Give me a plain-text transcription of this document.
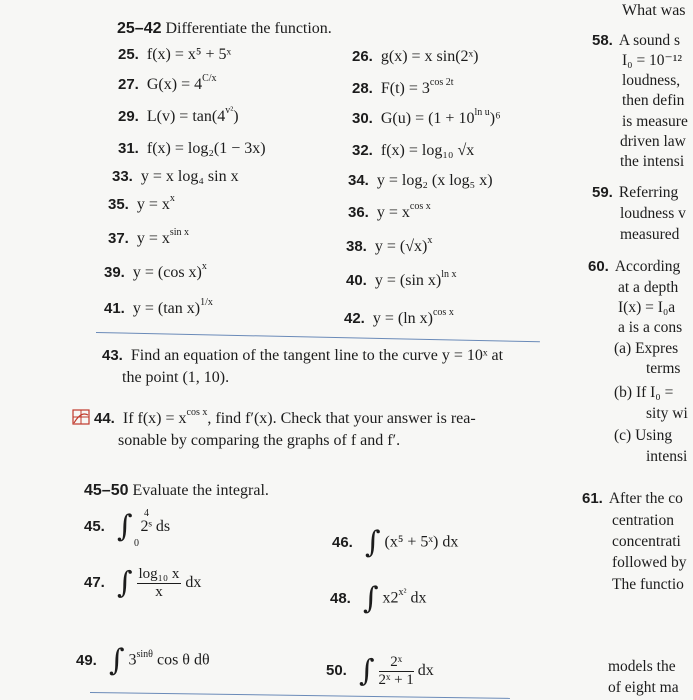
What was
25–42 Differentiate the function.
25. f(x) = x⁵ + 5ˣ	26. g(x) = x sin(2ˣ)
27. $G(x) = 4^{C/x}$
28. $F(t) = 3^{cos 2t}$
29. $L(v) = \tan(4^{v^2})$	30. $G(u) = (1 + 10^{ln u})^6$
31. f(x) = log₂(1 − 3x)	32. f(x) = log₁₀ √x
33. y = x log₄ sin x	34. y = log₂ (x log₅ x)
35. $y = x^x$
36. $y = x^{cos x}$
37. $y = x^{sin x}$
38. $y = (√x)^x$
39. y = (cos x)$^x$
40. y = (sin x)$^{ln x}$
41. y = (tan x)$^{1/x}$
42. y = (ln x)$^{cos x}$
43. Find an equation of the tangent line to the curve y = 10ˣ at
the point (1, 10).
44. If $f(x) = x^{cos x}$, find f′(x). Check that your answer is rea-
sonable by comparing the graphs of f and f′.
45–50 Evaluate the integral.
45. ∫ 4
0
2ˢ ds
46. ∫ (x⁵ + 5ˣ) dx
47. ∫ $\frac{\text{log₁₀ x}}{x}$ dx
48. ∫ $x2^{x^2}$ dx
49. ∫ $3^{sin\theta}$ cos θ dθ
50. ∫ $\frac{\text{2ˣ}}{\text{2ˣ + 1}}$ dx
58. A sound s
I₀ = 10⁻¹²
loudness,
then defin
is measure
driven law
the intensi
59. Referring
loudness v
measured
60. According
at a depth
I(x) = I₀a
a is a cons
(a) Expres
terms
(b) If I₀ =
sity wi
(c) Using
intensi
61. After the co
centration
concentrati
followed by
The functio
models the
of eight ma
